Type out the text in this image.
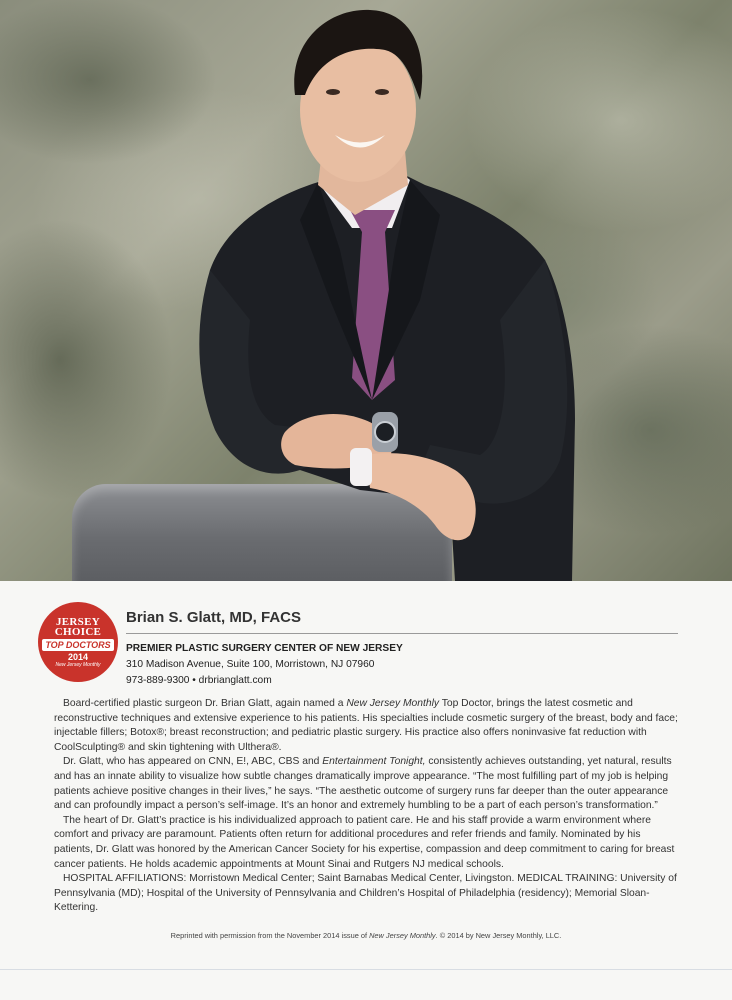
JERSEY
CHOICE
TOP DOCTORS
2014
New Jersey Monthly
Brian S. Glatt, MD, FACS
PREMIER PLASTIC SURGERY CENTER OF NEW JERSEY
310 Madison Avenue, Suite 100, Morristown, NJ 07960
973-889-9300 • drbrianglatt.com

Board-certified plastic surgeon Dr. Brian Glatt, again named a New Jersey Monthly Top Doctor, brings the latest cosmetic and reconstructive techniques and extensive experience to his patients. His specialties include cosmetic surgery of the breast, body and face; injectable fillers; Botox®; breast reconstruction; and pediatric plastic surgery. His practice also offers noninvasive fat reduction with CoolSculpting® and skin tightening with Ulthera®.

Dr. Glatt, who has appeared on CNN, E!, ABC, CBS and Entertainment Tonight, consistently achieves outstanding, yet natural, results and has an innate ability to visualize how subtle changes dramatically improve appearance. “The most fulfilling part of my job is helping patients achieve positive changes in their lives,” he says. “The aesthetic outcome of surgery runs far deeper than the outer appearance and can profoundly impact a person’s self-image. It’s an honor and extremely humbling to be a part of each person’s transformation.”

The heart of Dr. Glatt’s practice is his individualized approach to patient care. He and his staff provide a warm environment where comfort and privacy are paramount. Patients often return for additional procedures and refer friends and family. Nominated by his patients, Dr. Glatt was honored by the American Cancer Society for his expertise, compassion and deep commitment to caring for breast cancer patients. He holds academic appointments at Mount Sinai and Rutgers NJ medical schools.

HOSPITAL AFFILIATIONS: Morristown Medical Center; Saint Barnabas Medical Center, Livingston. MEDICAL TRAINING: University of Pennsylvania (MD); Hospital of the University of Pennsylvania and Children’s Hospital of Philadelphia (residency); Memorial Sloan-Kettering.

Reprinted with permission from the November 2014 issue of New Jersey Monthly. © 2014 by New Jersey Monthly, LLC.
